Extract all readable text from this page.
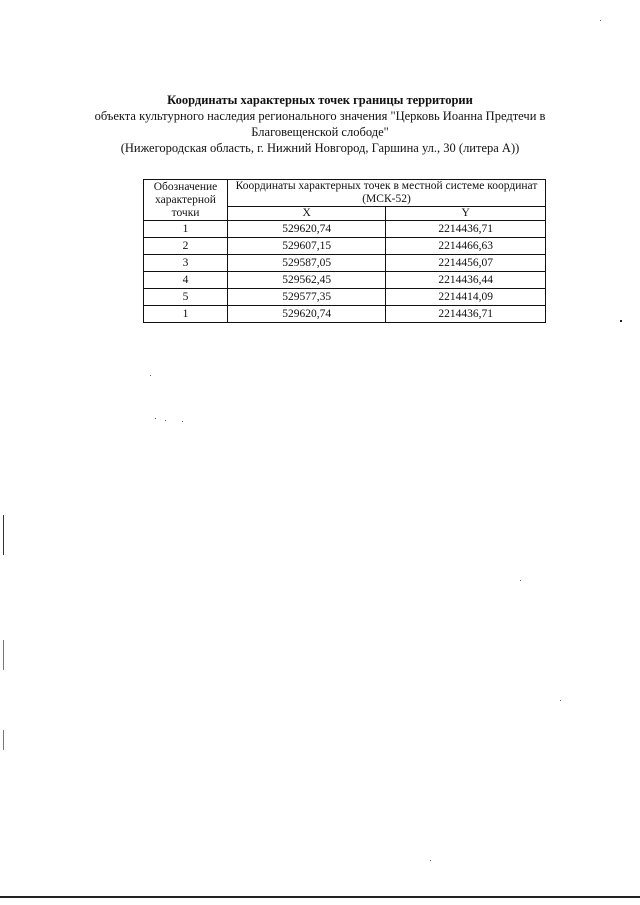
Координаты характерных точек границы территории
объекта культурного наследия регионального значения "Церковь Иоанна Предтечи в
Благовещенской слободе"
(Нижегородская область, г. Нижний Новгород, Гаршина ул., 30 (литера А))
Обозначение характерной точки	Координаты характерных точек в местной системе координат (МСК-52)	
	X	Y
1	529620,74	2214436,71
2	529607,15	2214466,63
3	529587,05	2214456,07
4	529562,45	2214436,44
5	529577,35	2214414,09
1	529620,74	2214436,71
